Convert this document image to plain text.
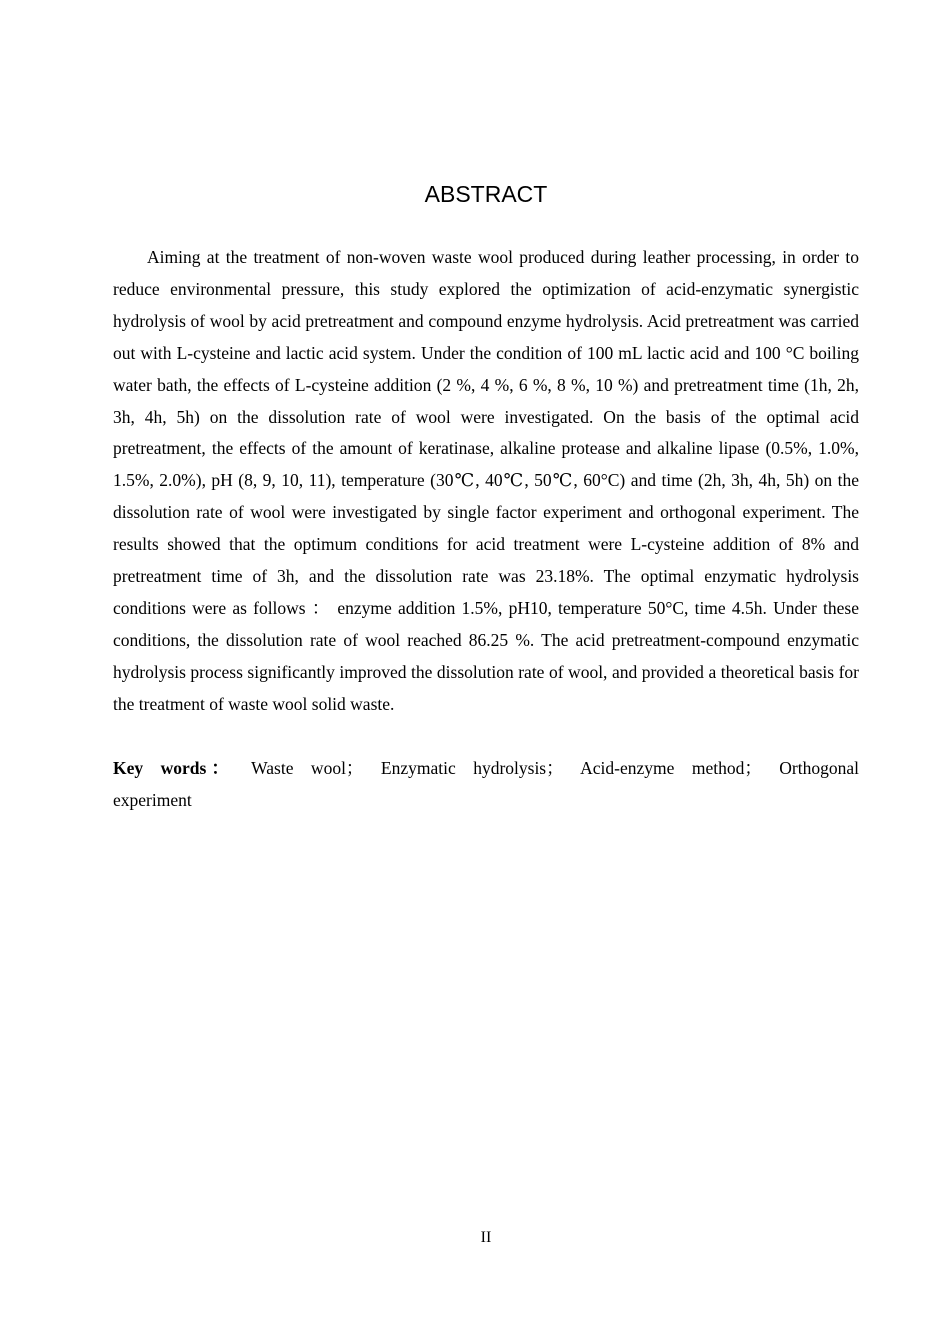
ABSTRACT

Aiming at the treatment of non-woven waste wool produced during leather processing, in order to reduce environmental pressure, this study explored the optimization of acid-enzymatic synergistic hydrolysis of wool by acid pretreatment and compound enzyme hydrolysis. Acid pretreatment was carried out with L-cysteine and lactic acid system. Under the condition of 100 mL lactic acid and 100 °C boiling water bath, the effects of L-cysteine addition (2 %, 4 %, 6 %, 8 %, 10 %) and pretreatment time (1h, 2h, 3h, 4h, 5h) on the dissolution rate of wool were investigated. On the basis of the optimal acid pretreatment, the effects of the amount of keratinase, alkaline protease and alkaline lipase (0.5%, 1.0%, 1.5%, 2.0%), pH (8, 9, 10, 11), temperature (30℃, 40℃, 50℃, 60°C) and time (2h, 3h, 4h, 5h) on the dissolution rate of wool were investigated by single factor experiment and orthogonal experiment. The results showed that the optimum conditions for acid treatment were L-cysteine addition of 8% and pretreatment time of 3h, and the dissolution rate was 23.18%. The optimal enzymatic hydrolysis conditions were as follows ： enzyme addition 1.5%, pH10, temperature 50°C, time 4.5h. Under these conditions, the dissolution rate of wool reached 86.25 %. The acid pretreatment-compound enzymatic hydrolysis process significantly improved the dissolution rate of wool, and provided a theoretical basis for the treatment of waste wool solid waste.

Key words： Waste wool； Enzymatic hydrolysis； Acid-enzyme method； Orthogonal experiment

II
